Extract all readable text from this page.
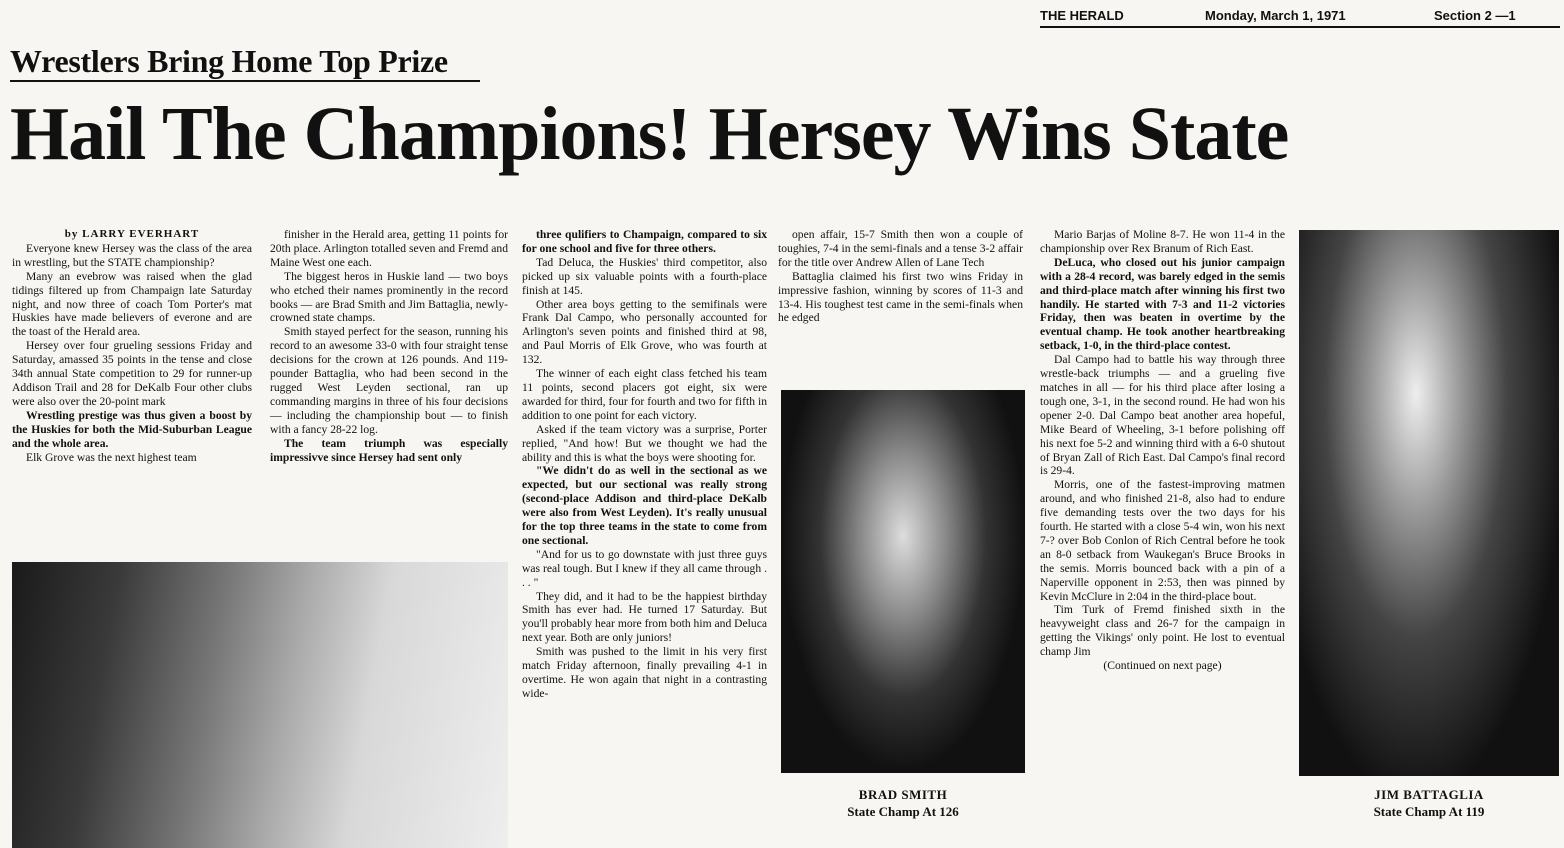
THE HERALD	Monday, March 1, 1971	Section 2 —1
Wrestlers Bring Home Top Prize
Hail The Champions! Hersey Wins State

by LARRY EVERHART

Everyone knew Hersey was the class of the area in wrestling, but the STATE championship?

Many an evebrow was raised when the glad tidings filtered up from Champaign late Saturday night, and now three of coach Tom Porter's mat Huskies have made believers of everone and are the toast of the Herald area.

Hersey over four grueling sessions Friday and Saturday, amassed 35 points in the tense and close 34th annual State competition to 29 for runner-up Addison Trail and 28 for DeKalb Four other clubs were also over the 20-point mark

Wrestling prestige was thus given a boost by the Huskies for both the Mid-Suburban League and the whole area.

Elk Grove was the next highest team

finisher in the Herald area, getting 11 points for 20th place. Arlington totalled seven and Fremd and Maine West one each.

The biggest heros in Huskie land — two boys who etched their names prominently in the record books — are Brad Smith and Jim Battaglia, newly-crowned state champs.

Smith stayed perfect for the season, running his record to an awesome 33-0 with four straight tense decisions for the crown at 126 pounds. And 119-pounder Battaglia, who had been second in the rugged West Leyden sectional, ran up commanding margins in three of his four decisions — including the championship bout — to finish with a fancy 28-22 log.

The team triumph was especially impressivve since Hersey had sent only

three qulifiers to Champaign, compared to six for one school and five for three others.

Tad Deluca, the Huskies' third competitor, also picked up six valuable points with a fourth-place finish at 145.

Other area boys getting to the semifinals were Frank Dal Campo, who personally accounted for Arlington's seven points and finished third at 98, and Paul Morris of Elk Grove, who was fourth at 132.

The winner of each eight class fetched his team 11 points, second placers got eight, six were awarded for third, four for fourth and two for fifth in addition to one point for each victory.

Asked if the team victory was a surprise, Porter replied, "And how! But we thought we had the ability and this is what the boys were shooting for.

"We didn't do as well in the sectional as we expected, but our sectional was really strong (second-place Addison and third-place DeKalb were also from West Leyden). It's really unusual for the top three teams in the state to come from one sectional.

"And for us to go downstate with just three guys was real tough. But I knew if they all came through . . . "

They did, and it had to be the happiest birthday Smith has ever had. He turned 17 Saturday. But you'll probably hear more from both him and Deluca next year. Both are only juniors!

Smith was pushed to the limit in his very first match Friday afternoon, finally prevailing 4-1 in overtime. He won again that night in a contrasting wide-

open affair, 15-7 Smith then won a couple of toughies, 7-4 in the semi-finals and a tense 3-2 affair for the title over Andrew Allen of Lane Tech

Battaglia claimed his first two wins Friday in impressive fashion, winning by scores of 11-3 and 13-4. His toughest test came in the semi-finals when he edged

Mario Barjas of Moline 8-7. He won 11-4 in the championship over Rex Branum of Rich East.

DeLuca, who closed out his junior campaign with a 28-4 record, was barely edged in the semis and third-place match after winning his first two handily. He started with 7-3 and 11-2 victories Friday, then was beaten in overtime by the eventual champ. He took another heartbreaking setback, 1-0, in the third-place contest.

Dal Campo had to battle his way through three wrestle-back triumphs — and a grueling five matches in all — for his third place after losing a tough one, 3-1, in the second round. He had won his opener 2-0. Dal Campo beat another area hopeful, Mike Beard of Wheeling, 3-1 before polishing off his next foe 5-2 and winning third with a 6-0 shutout of Bryan Zall of Rich East. Dal Campo's final record is 29-4.

Morris, one of the fastest-improving matmen around, and who finished 21-8, also had to endure five demanding tests over the two days for his fourth. He started with a close 5-4 win, won his next 7-? over Bob Conlon of Rich Central before he took an 8-0 setback from Waukegan's Bruce Brooks in the semis. Morris bounced back with a pin of a Naperville opponent in 2:53, then was pinned by Kevin McClure in 2:04 in the third-place bout.

Tim Turk of Fremd finished sixth in the heavyweight class and 26-7 for the campaign in getting the Vikings' only point. He lost to eventual champ Jim

(Continued on next page)

BRAD SMITH
State Champ At 126
JIM BATTAGLIA
State Champ At 119
